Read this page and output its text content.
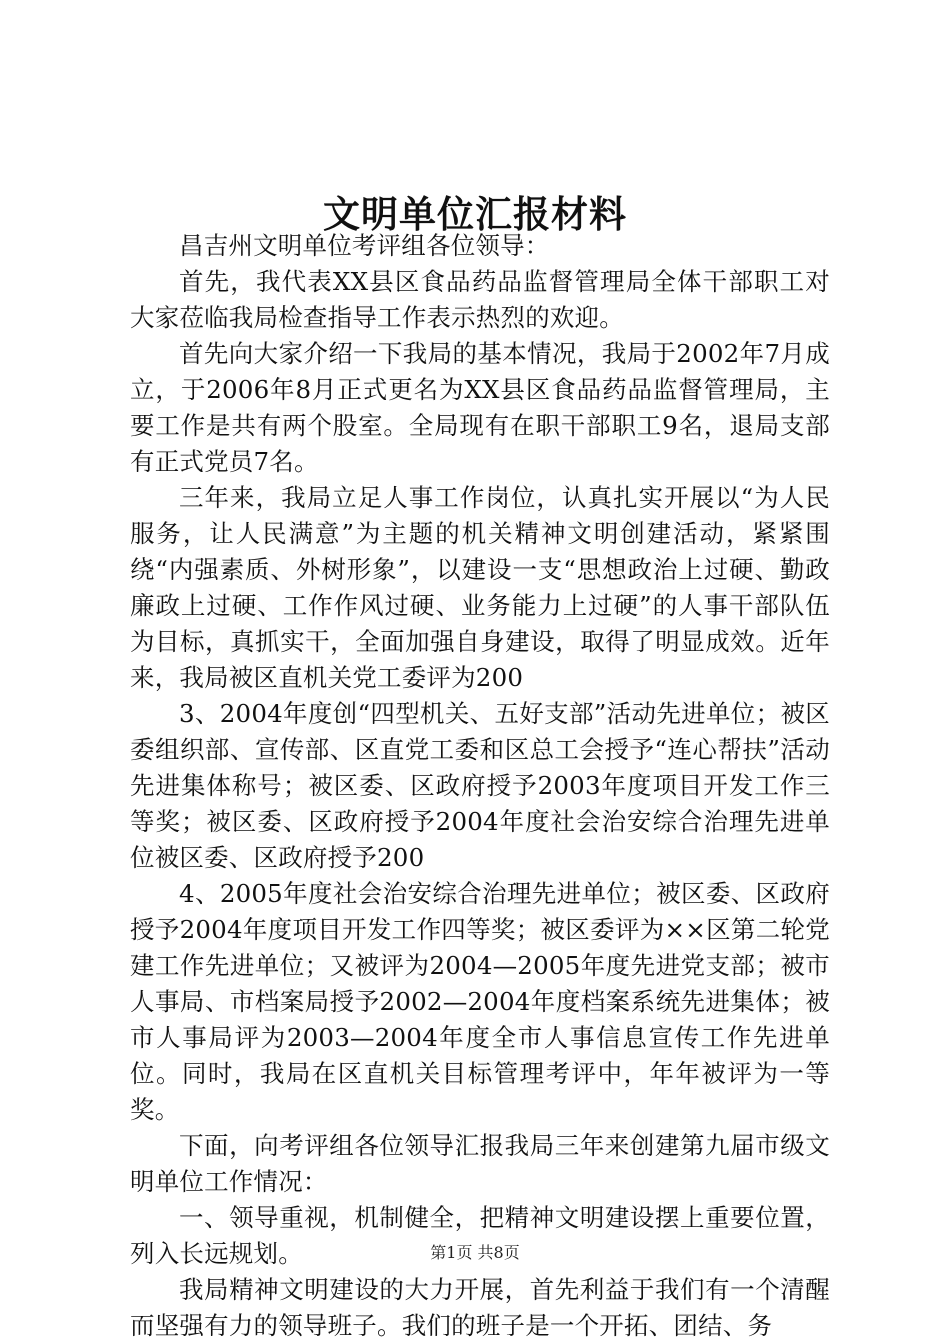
文明单位汇报材料

昌吉州文明单位考评组各位领导：

首先，我代表XX县区食品药品监督管理局全体干部职工对大家莅临我局检查指导工作表示热烈的欢迎。

首先向大家介绍一下我局的基本情况，我局于2002年7月成立，于2006年8月正式更名为XX县区食品药品监督管理局，主要工作是共有两个股室。全局现有在职干部职工9名，退局支部有正式党员7名。

三年来，我局立足人事工作岗位，认真扎实开展以“为人民服务，让人民满意”为主题的机关精神文明创建活动，紧紧围绕“内强素质、外树形象”，以建设一支“思想政治上过硬、勤政廉政上过硬、工作作风过硬、业务能力上过硬”的人事干部队伍为目标，真抓实干，全面加强自身建设，取得了明显成效。近年来，我局被区直机关党工委评为200

3、2004年度创“四型机关、五好支部”活动先进单位；被区委组织部、宣传部、区直党工委和区总工会授予“连心帮扶”活动先进集体称号；被区委、区政府授予2003年度项目开发工作三等奖；被区委、区政府授予2004年度社会治安综合治理先进单位被区委、区政府授予200

4、2005年度社会治安综合治理先进单位；被区委、区政府授予2004年度项目开发工作四等奖；被区委评为××区第二轮党建工作先进单位；又被评为2004—2005年度先进党支部；被市人事局、市档案局授予2002—2004年度档案系统先进集体；被市人事局评为2003—2004年度全市人事信息宣传工作先进单位。同时，我局在区直机关目标管理考评中，年年被评为一等奖。

下面，向考评组各位领导汇报我局三年来创建第九届市级文明单位工作情况：

一、领导重视，机制健全，把精神文明建设摆上重要位置，列入长远规划。

我局精神文明建设的大力开展，首先利益于我们有一个清醒而坚强有力的领导班子。我们的班子是一个开拓、团结、务

第1页 共8页
